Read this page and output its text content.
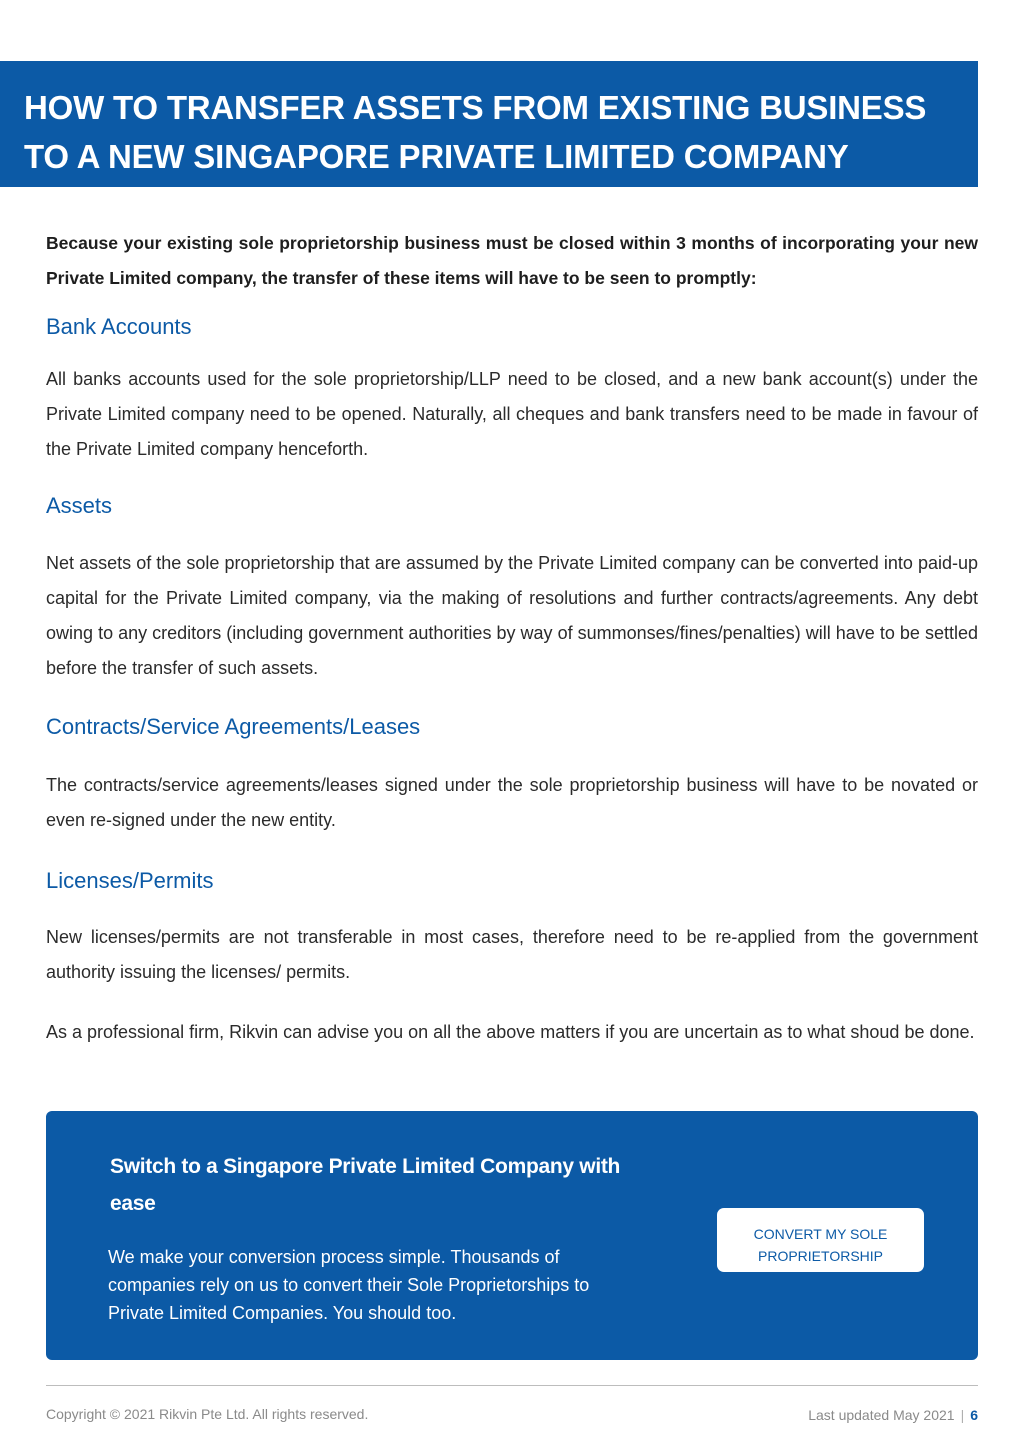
HOW TO TRANSFER ASSETS FROM EXISTING BUSINESS
TO A NEW SINGAPORE PRIVATE LIMITED COMPANY

Because your existing sole proprietorship business must be closed within 3 months of incorporating your new Private Limited company, the transfer of these items will have to be seen to promptly:

Bank Accounts

All banks accounts used for the sole proprietorship/LLP need to be closed, and a new bank account(s) under the Private Limited company need to be opened. Naturally, all cheques and bank transfers need to be made in favour of the Private Limited company henceforth.

Assets

Net assets of the sole proprietorship that are assumed by the Private Limited company can be converted into paid-up capital for the Private Limited company, via the making of resolutions and further contracts/agreements. Any debt owing to any creditors (including government authorities by way of summonses/fines/penalties) will have to be settled before the transfer of such assets.

Contracts/Service Agreements/Leases

The contracts/service agreements/leases signed under the sole proprietorship business will have to be novated or even re-signed under the new entity.

Licenses/Permits

New licenses/permits are not transferable in most cases, therefore need to be re-applied from the government authority issuing the licenses/ permits.

As a professional firm, Rikvin can advise you on all the above matters if you are uncertain as to what shoud be done.

Switch to a Singapore Private Limited Company with ease

We make your conversion process simple. Thousands of companies rely on us to convert their Sole Proprietorships to Private Limited Companies. You should too.

CONVERT MY SOLE
PROPRIETORSHIP
Copyright © 2021 Rikvin Pte Ltd. All rights reserved.	Last updated May 2021 | 6
